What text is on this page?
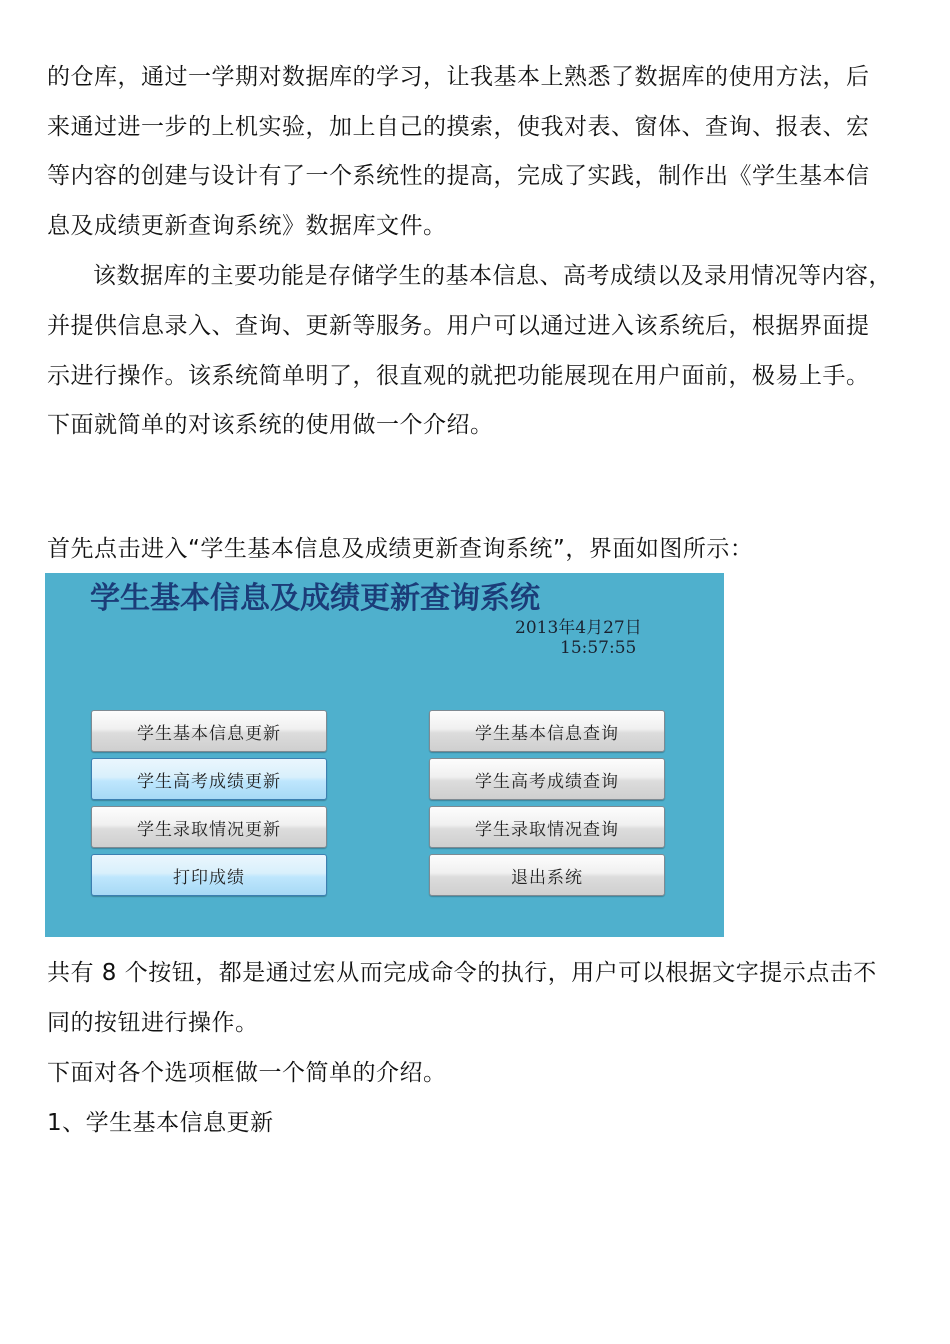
的仓库，通过一学期对数据库的学习，让我基本上熟悉了数据库的使用方法，后
来通过进一步的上机实验，加上自己的摸索，使我对表、窗体、查询、报表、宏
等内容的创建与设计有了一个系统性的提高，完成了实践，制作出《学生基本信
息及成绩更新查询系统》数据库文件。
该数据库的主要功能是存储学生的基本信息、高考成绩以及录用情况等内容，
并提供信息录入、查询、更新等服务。用户可以通过进入该系统后，根据界面提
示进行操作。该系统简单明了，很直观的就把功能展现在用户面前，极易上手。
下面就简单的对该系统的使用做一个介绍。
首先点击进入“学生基本信息及成绩更新查询系统”，界面如图所示：
学生基本信息及成绩更新查询系统
2013年4月27日
15:57:55
学生基本信息更新	学生基本信息查询
学生高考成绩更新	学生高考成绩查询
学生录取情况更新	学生录取情况查询
打印成绩	退出系统
共有 8 个按钮，都是通过宏从而完成命令的执行，用户可以根据文字提示点击不
同的按钮进行操作。
下面对各个选项框做一个简单的介绍。
1、学生基本信息更新
